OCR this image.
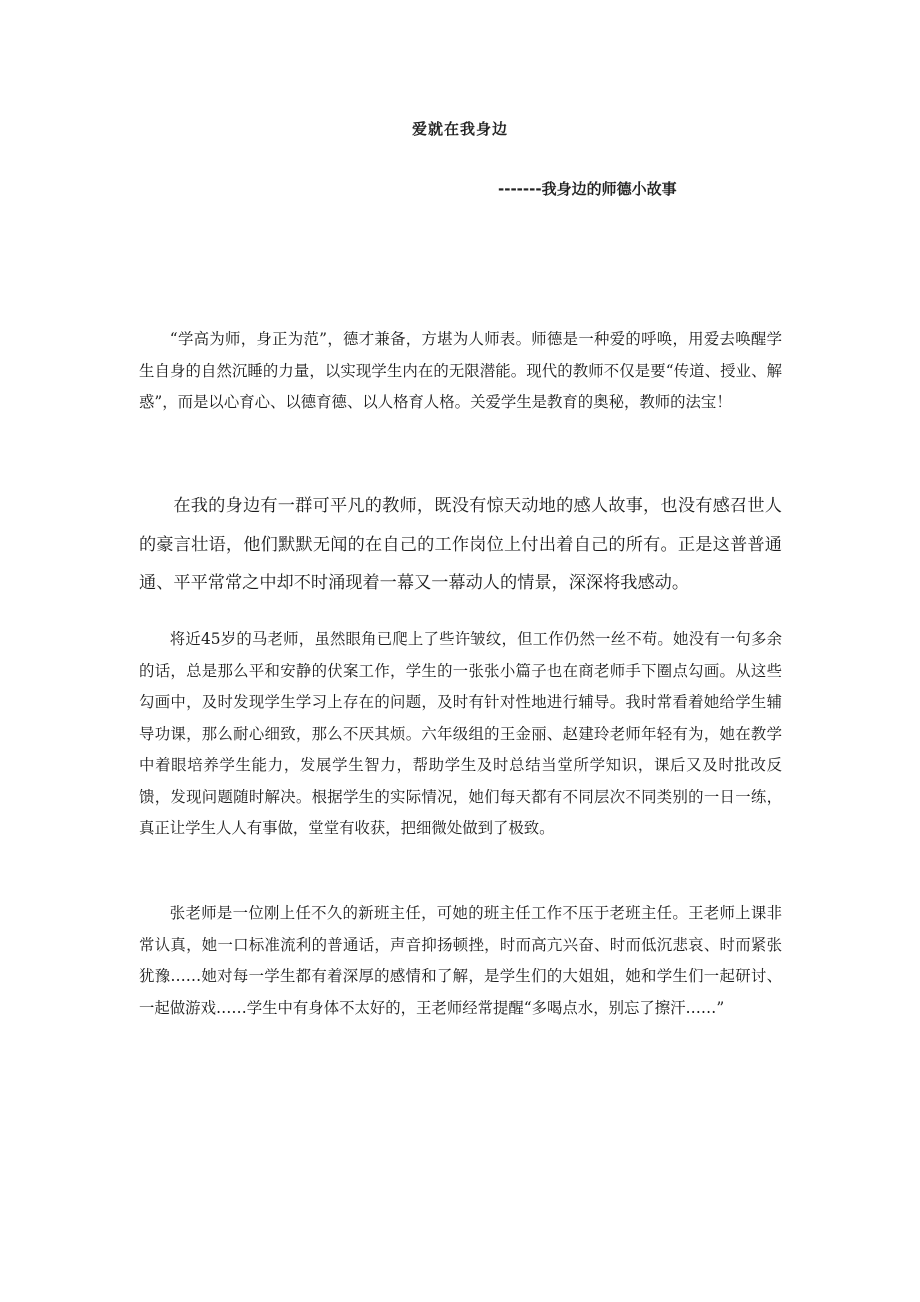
爱就在我身边
-------我身边的师德小故事

“学高为师，身正为范”，德才兼备，方堪为人师表。师德是一种爱的呼唤，用爱去唤醒学生自身的自然沉睡的力量，以实现学生内在的无限潜能。现代的教师不仅是要“传道、授业、解惑”，而是以心育心、以德育德、以人格育人格。关爱学生是教育的奥秘，教师的法宝！

在我的身边有一群可平凡的教师，既没有惊天动地的感人故事，也没有感召世人的豪言壮语，他们默默无闻的在自己的工作岗位上付出着自己的所有。正是这普普通通、平平常常之中却不时涌现着一幕又一幕动人的情景，深深将我感动。

将近45岁的马老师，虽然眼角已爬上了些许皱纹，但工作仍然一丝不苟。她没有一句多余的话，总是那么平和安静的伏案工作，学生的一张张小篇子也在商老师手下圈点勾画。从这些勾画中，及时发现学生学习上存在的问题，及时有针对性地进行辅导。我时常看着她给学生辅导功课，那么耐心细致，那么不厌其烦。六年级组的王金丽、赵建玲老师年轻有为，她在教学中着眼培养学生能力，发展学生智力，帮助学生及时总结当堂所学知识，课后又及时批改反馈，发现问题随时解决。根据学生的实际情况，她们每天都有不同层次不同类别的一日一练，真正让学生人人有事做，堂堂有收获，把细微处做到了极致。

张老师是一位刚上任不久的新班主任，可她的班主任工作不压于老班主任。王老师上课非常认真，她一口标准流利的普通话，声音抑扬顿挫，时而高亢兴奋、时而低沉悲哀、时而紧张犹豫……她对每一学生都有着深厚的感情和了解，是学生们的大姐姐，她和学生们一起研讨、一起做游戏……学生中有身体不太好的，王老师经常提醒“多喝点水，别忘了擦汗……”
